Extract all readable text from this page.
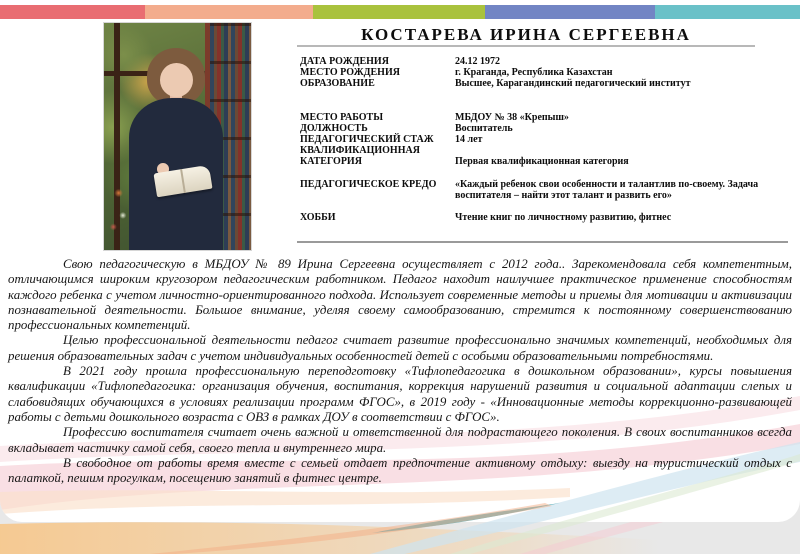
КОСТАРЕВА ИРИНА СЕРГЕЕВНА
ДАТА РОЖДЕНИЯ	24.12 1972
МЕСТО РОЖДЕНИЯ	г. Краганда, Республика Казахстан
ОБРАЗОВАНИЕ	Высшее, Карагандинский педагогический институт
МЕСТО РАБОТЫ	МБДОУ № 38 «Крепыш»
ДОЛЖНОСТЬ	Воспитатель
ПЕДАГОГИЧЕСКИЙ СТАЖ	14 лет
КВАЛИФИКАЦИОННАЯ КАТЕГОРИЯ	Первая квалификационная категория
ПЕДАГОГИЧЕСКОЕ КРЕДО	«Каждый ребенок свои особенности и талантлив по-своему. Задача воспитателя – найти этот талант и развить его»
ХОББИ	Чтение книг по личностному развитию, фитнес

Свою педагогическую в МБДОУ № 89 Ирина Сергеевна осуществляет с 2012 года.. Зарекомендовала себя компетентным, отличающимся широким кругозором педагогическим работником. Педагог находит наилучшее практическое применение способностям каждого ребенка с учетом личностно-ориентированного подхода. Использует современные методы и приемы для мотивации и активизации познавательной деятельности. Большое внимание, уделяя своему самообразованию, стремится к постоянному совершенствованию профессиональных компетенций.

Целью профессиональной деятельности педагог считает развитие профессионально значимых компетенций, необходимых для решения образовательных задач с учетом индивидуальных особенностей детей с особыми образовательными потребностями.

В 2021 году прошла профессиональную переподготовку «Тифлопедагогика в дошкольном образовании», курсы повышения квалификации «Тифлопедагогика: организация обучения, воспитания, коррекция нарушений развития и социальной адаптации слепых и слабовидящих обучающихся в условиях реализации программ ФГОС», в 2019 году - «Инновационные методы коррекционно-развивающей работы с детьми дошкольного возраста с ОВЗ в рамках ДОУ в соответствии с ФГОС».

Профессию воспитателя считает очень важной и ответственной для подрастающего поколения. В своих воспитанников всегда вкладывает частичку самой себя, своего тепла и внутреннего мира.

В свободное от работы время вместе с семьей отдает предпочтение активному отдыху: выезду на туристический отдых с палаткой, пешим прогулкам, посещению занятий в фитнес центре.
